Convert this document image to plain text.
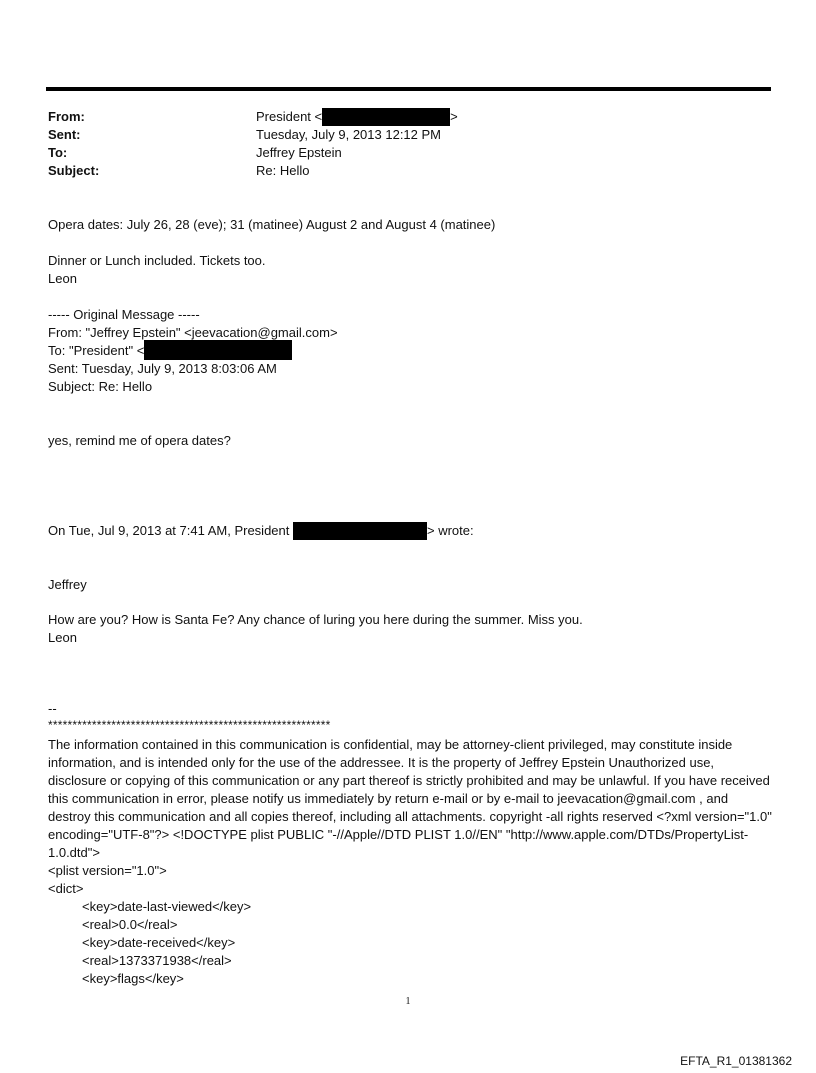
From:	President <	>
Sent:	Tuesday, July 9, 2013 12:12 PM
To:	Jeffrey Epstein
Subject:	Re: Hello
Opera dates: July 26, 28 (eve); 31 (matinee) August 2 and August 4 (matinee)
Dinner or Lunch included. Tickets too.
Leon
----- Original Message -----
From: "Jeffrey Epstein" <jeevacation@gmail.com>
To: "President" <
Sent: Tuesday, July 9, 2013 8:03:06 AM
Subject: Re: Hello
yes, remind me of opera dates?
On Tue, Jul 9, 2013 at 7:41 AM, President	> wrote:
Jeffrey
How are you? How is Santa Fe? Any chance of luring you here during the summer. Miss you.
Leon
--
**********************************************************
The information contained in this communication is confidential, may be attorney-client privileged, may constitute inside information, and is intended only for the use of the addressee. It is the property of Jeffrey Epstein Unauthorized use, disclosure or copying of this communication or any part thereof is strictly prohibited and may be unlawful. If you have received this communication in error, please notify us immediately by return e-mail or by e-mail to jeevacation@gmail.com , and destroy this communication and all copies thereof, including all attachments. copyright -all rights reserved <?xml version="1.0" encoding="UTF-8"?> <!DOCTYPE plist PUBLIC "-//Apple//DTD PLIST 1.0//EN" "http://www.apple.com/DTDs/PropertyList-1.0.dtd">
<plist version="1.0">
<dict>
<key>date-last-viewed</key>
<real>0.0</real>
<key>date-received</key>
<real>1373371938</real>
<key>flags</key>
1
EFTA_R1_01381362
